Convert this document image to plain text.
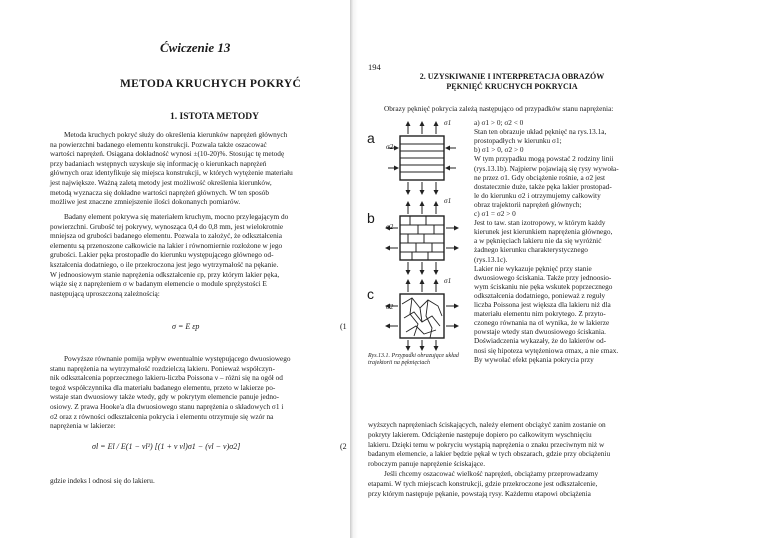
Ćwiczenie 13
METODA KRUCHYCH POKRYĆ
1. ISTOTA METODY
Metoda kruchych pokryć służy do określenia kierunków naprężeń głównych
na powierzchni badanego elementu konstrukcji. Pozwala także oszacować
wartości naprężeń. Osiągana dokładność wynosi ±(10-20)%. Stosując tę metodę
przy badaniach wstępnych uzyskuje się informację o kierunkach naprężeń
głównych oraz identyfikuje się miejsca konstrukcji, w których wytężenie materiału
jest największe. Ważną zaletą metody jest możliwość określenia kierunków,
metodą wyznacza się dokładne wartości naprężeń głównych. W ten sposób
możliwe jest znaczne zmniejszenie ilości dokonanych pomiarów.
Badany element pokrywa się materiałem kruchym, mocno przylegającym do
powierzchni. Grubość tej pokrywy, wynosząca 0,4 do 0,8 mm, jest wielokrotnie
mniejsza od grubości badanego elementu. Pozwala to założyć, że odkształcenia
elementu są przenoszone całkowicie na lakier i równomiernie rozłożone w jego
grubości. Lakier pęka prostopadle do kierunku występującego głównego od-
kształcenia dodatniego, o ile przekroczona jest jego wytrzymałość na pękanie.
W jednoosiowym stanie naprężenia odkształcenie εp, przy którym lakier pęka,
wiąże się z naprężeniem σ w badanym elemencie o module sprężystości E
następującą uproszczoną zależnością:
σ = E εp	(1
Powyższe równanie pomija wpływ ewentualnie występującego dwuosiowego
stanu naprężenia na wytrzymałość rozdzielczą lakieru. Ponieważ współczyn-
nik odkształcenia poprzecznego lakieru-liczba Poissona ν – różni się na ogół od
tegoż współczynnika dla materiału badanego elementu, przeto w lakierze po-
wstaje stan dwuosiowy także wtedy, gdy w pokrytym elemencie panuje jedno-
osiowy. Z prawa Hooke'a dla dwuosiowego stanu naprężenia o składowych σ1 i
σ2 oraz z równości odkształcenia pokrycia i elementu otrzymuje się wzór na
naprężenia w lakierze:
σl = El / E(1 − νl²) [(1 + ν νl)σ1 − (νl − ν)σ2]	(2
gdzie indeks l odnosi się do lakieru.
194
2. UZYSKIWANIE I INTERPRETACJA OBRAZÓW
PĘKNIĘĆ KRUCHYCH POKRYCIA
Obrazy pęknięć pokrycia zależą następująco od przypadków stanu naprężenia:
a) σ1 > 0; σ2 < 0
Stan ten obrazuje układ pęknięć na rys.13.1a,
prostopadłych w kierunku σ1;
b) σ1 > 0, σ2 > 0
W tym przypadku mogą powstać 2 rodziny linii
(rys.13.1b). Najpierw pojawiają się rysy wywoła-
ne przez σ1. Gdy obciążenie rośnie, a σ2 jest
dostatecznie duże, także pęka lakier prostopad-
le do kierunku σ2 i otrzymujemy całkowity
obraz trajektorii naprężeń głównych;
c) σ1 = σ2 > 0
Jest to taw. stan izotropowy, w którym każdy
kierunek jest kierunkiem naprężenia głównego,
a w pęknięciach lakieru nie da się wyróżnić
żadnego kierunku charakterystycznego
(rys.13.1c).
Lakier nie wykazuje pęknięć przy stanie
dwuosiowego ściskania. Także przy jednoosio-
wym ściskaniu nie pęka wskutek poprzecznego
odkształcenia dodatniego, ponieważ z reguły
liczba Poissona jest większa dla lakieru niż dla
materiału elementu nim pokrytego. Z przyto-
czonego równania na σl wynika, że w lakierze
powstaje wtedy stan dwuosiowego ściskania.
Doświadczenia wykazały, że do lakierów od-
nosi się hipoteza wytężeniowa σmax, a nie εmax.
By wywołać efekt pękania pokrycia przy
a
b
c
σ1
σ2
σ1
σ2
σ1
σ2
Rys.13.1. Przypadki obrazujące układ trajektorii na pęknięciach
wyższych naprężeniach ściskających, należy element obciążyć zanim zostanie on
pokryty lakierem. Odciążenie następuje dopiero po całkowitym wyschnięciu
lakieru. Dzięki temu w pokryciu wystąpią naprężenia o znaku przeciwnym niż w
badanym elemencie, a lakier będzie pękał w tych obszarach, gdzie przy obciążeniu
roboczym panuje naprężenie ściskające.
Jeśli chcemy oszacować wielkość naprężeń, obciążamy przeprowadzamy
etapami. W tych miejscach konstrukcji, gdzie przekroczone jest odkształcenie,
przy którym następuje pękanie, powstają rysy. Każdemu etapowi obciążenia
